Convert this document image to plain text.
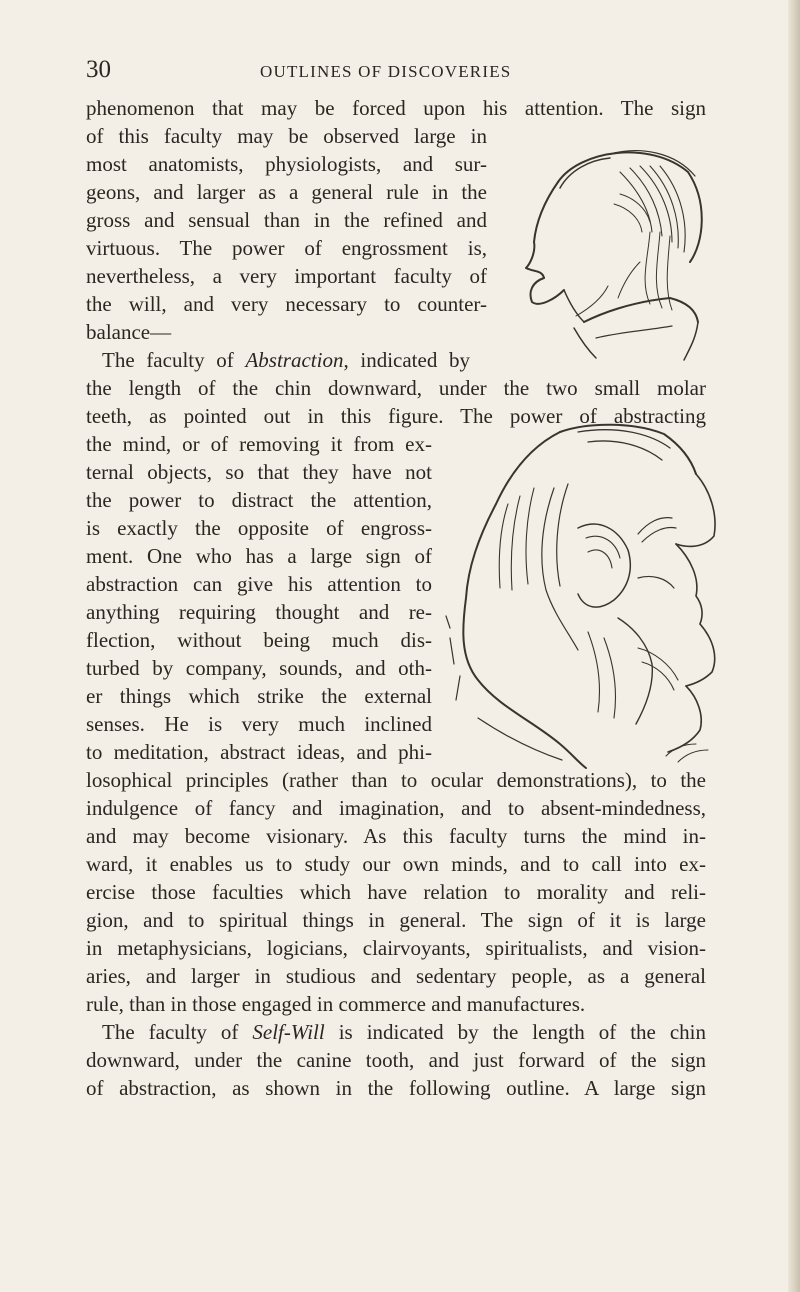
30	OUTLINES OF DISCOVERIES
phenomenon that may be forced upon his attention. The sign
of this faculty may be observed large in
most anatomists, physiologists, and sur-
geons, and larger as a general rule in the
gross and sensual than in the refined and
virtuous. The power of engrossment is,
nevertheless, a very important faculty of
the will, and very necessary to counter-
balance—
The faculty of Abstraction, indicated by
the length of the chin downward, under the two small molar
teeth, as pointed out in this figure. The power of abstracting
the mind, or of removing it from ex-
ternal objects, so that they have not
the power to distract the attention,
is exactly the opposite of engross-
ment. One who has a large sign of
abstraction can give his attention to
anything requiring thought and re-
flection, without being much dis-
turbed by company, sounds, and oth-
er things which strike the external
senses. He is very much inclined
to meditation, abstract ideas, and phi-
losophical principles (rather than to ocular demonstrations), to the
indulgence of fancy and imagination, and to absent-mindedness,
and may become visionary. As this faculty turns the mind in-
ward, it enables us to study our own minds, and to call into ex-
ercise those faculties which have relation to morality and reli-
gion, and to spiritual things in general. The sign of it is large
in metaphysicians, logicians, clairvoyants, spiritualists, and vision-
aries, and larger in studious and sedentary people, as a general
rule, than in those engaged in commerce and manufactures.
The faculty of Self-Will is indicated by the length of the chin
downward, under the canine tooth, and just forward of the sign
of abstraction, as shown in the following outline. A large sign
